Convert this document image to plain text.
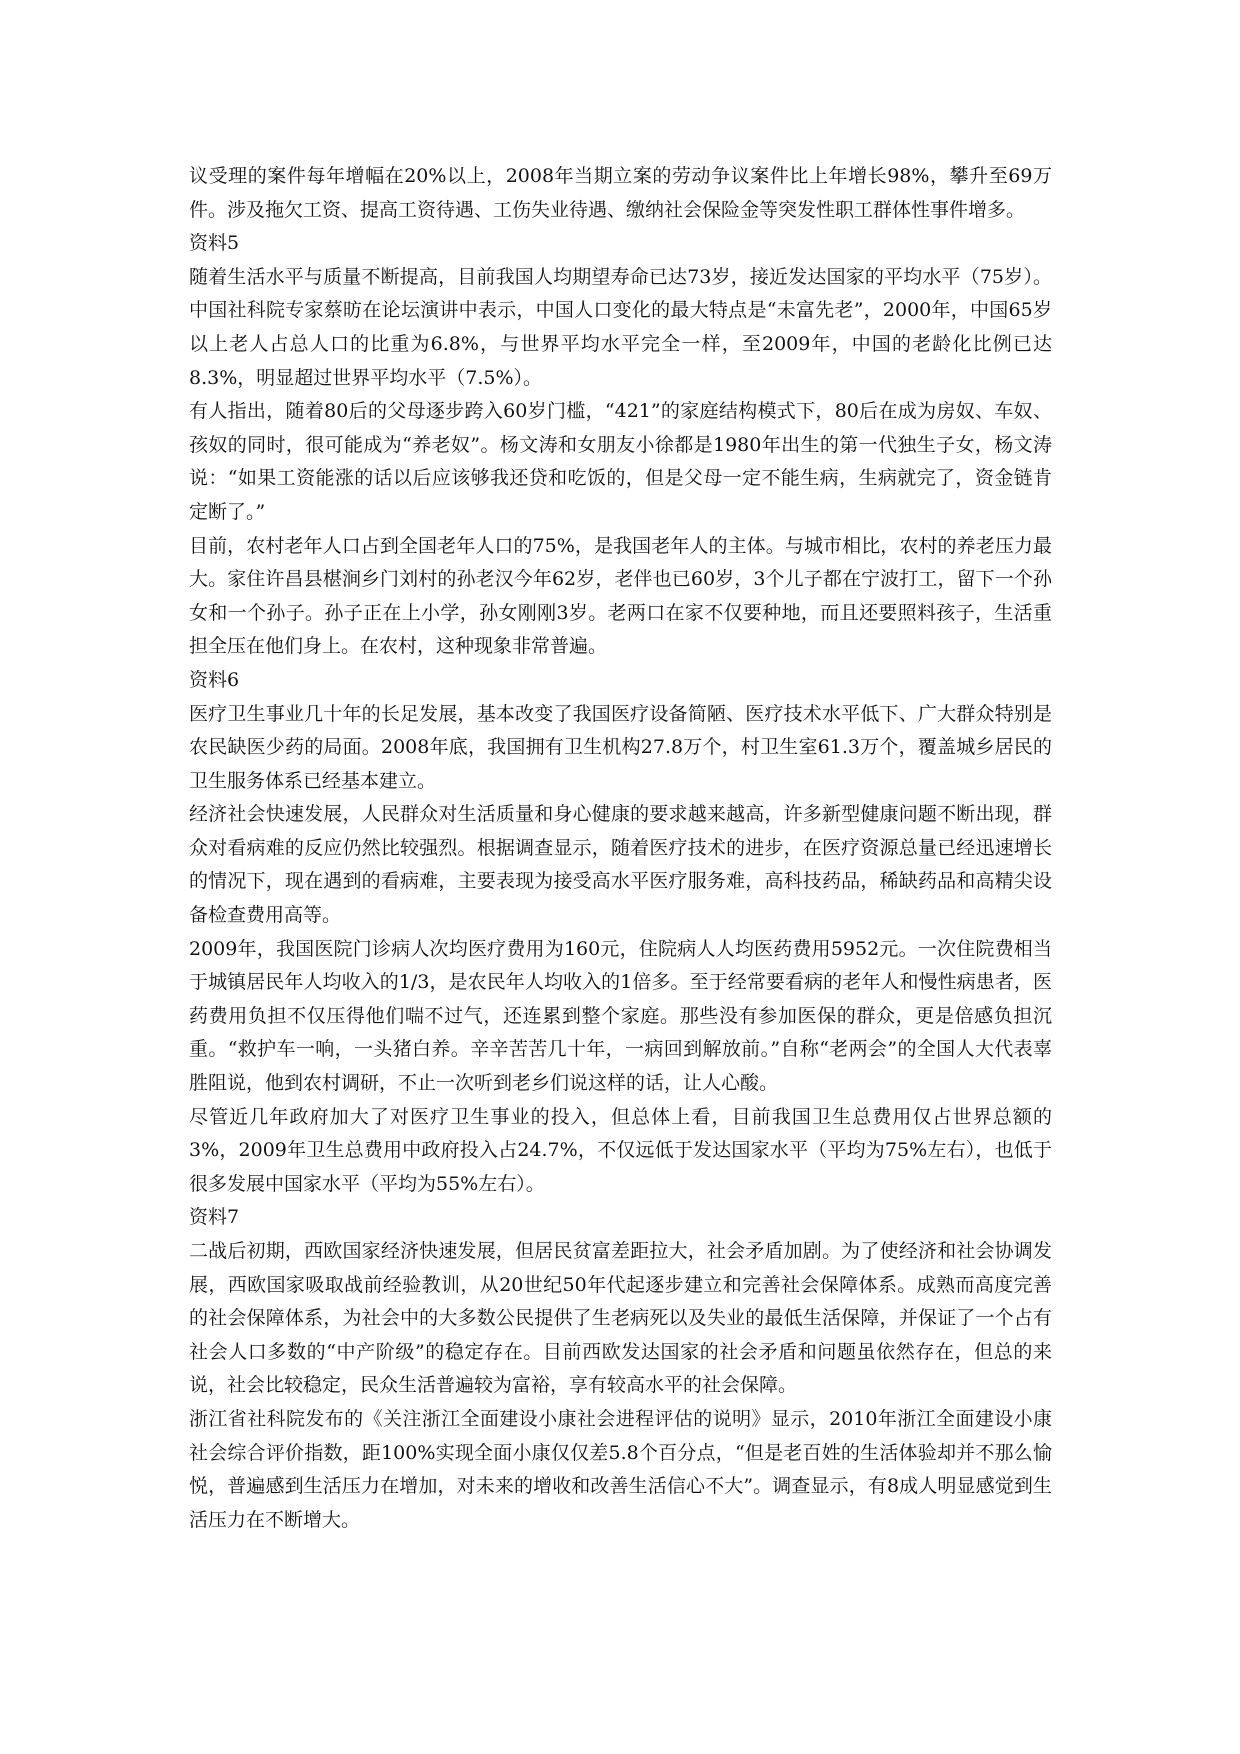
议受理的案件每年增幅在20%以上，2008年当期立案的劳动争议案件比上年增长98%，攀升至69万件。涉及拖欠工资、提高工资待遇、工伤失业待遇、缴纳社会保险金等突发性职工群体性事件增多。

资料5

随着生活水平与质量不断提高，目前我国人均期望寿命已达73岁，接近发达国家的平均水平（75岁）。中国社科院专家蔡昉在论坛演讲中表示，中国人口变化的最大特点是“未富先老”，2000年，中国65岁以上老人占总人口的比重为6.8%，与世界平均水平完全一样，至2009年，中国的老龄化比例已达8.3%，明显超过世界平均水平（7.5%）。

有人指出，随着80后的父母逐步跨入60岁门槛，“421”的家庭结构模式下，80后在成为房奴、车奴、孩奴的同时，很可能成为“养老奴”。杨文涛和女朋友小徐都是1980年出生的第一代独生子女，杨文涛说：“如果工资能涨的话以后应该够我还贷和吃饭的，但是父母一定不能生病，生病就完了，资金链肯定断了。”

目前，农村老年人口占到全国老年人口的75%，是我国老年人的主体。与城市相比，农村的养老压力最大。家住许昌县椹涧乡门刘村的孙老汉今年62岁，老伴也已60岁，3个儿子都在宁波打工，留下一个孙女和一个孙子。孙子正在上小学，孙女刚刚3岁。老两口在家不仅要种地，而且还要照料孩子，生活重担全压在他们身上。在农村，这种现象非常普遍。

资料6

医疗卫生事业几十年的长足发展，基本改变了我国医疗设备简陋、医疗技术水平低下、广大群众特别是农民缺医少药的局面。2008年底，我国拥有卫生机构27.8万个，村卫生室61.3万个，覆盖城乡居民的卫生服务体系已经基本建立。

经济社会快速发展，人民群众对生活质量和身心健康的要求越来越高，许多新型健康问题不断出现，群众对看病难的反应仍然比较强烈。根据调查显示，随着医疗技术的进步，在医疗资源总量已经迅速增长的情况下，现在遇到的看病难，主要表现为接受高水平医疗服务难，高科技药品，稀缺药品和高精尖设备检查费用高等。

2009年，我国医院门诊病人次均医疗费用为160元，住院病人人均医药费用5952元。一次住院费相当于城镇居民年人均收入的1/3，是农民年人均收入的1倍多。至于经常要看病的老年人和慢性病患者，医药费用负担不仅压得他们喘不过气，还连累到整个家庭。那些没有参加医保的群众，更是倍感负担沉重。“救护车一响，一头猪白养。辛辛苦苦几十年，一病回到解放前。”自称“老两会”的全国人大代表辜胜阻说，他到农村调研，不止一次听到老乡们说这样的话，让人心酸。

尽管近几年政府加大了对医疗卫生事业的投入，但总体上看，目前我国卫生总费用仅占世界总额的3%，2009年卫生总费用中政府投入占24.7%，不仅远低于发达国家水平（平均为75%左右），也低于很多发展中国家水平（平均为55%左右）。

资料7

二战后初期，西欧国家经济快速发展，但居民贫富差距拉大，社会矛盾加剧。为了使经济和社会协调发展，西欧国家吸取战前经验教训，从20世纪50年代起逐步建立和完善社会保障体系。成熟而高度完善的社会保障体系，为社会中的大多数公民提供了生老病死以及失业的最低生活保障，并保证了一个占有社会人口多数的“中产阶级”的稳定存在。目前西欧发达国家的社会矛盾和问题虽依然存在，但总的来说，社会比较稳定，民众生活普遍较为富裕，享有较高水平的社会保障。

浙江省社科院发布的《关注浙江全面建设小康社会进程评估的说明》显示，2010年浙江全面建设小康社会综合评价指数，距100%实现全面小康仅仅差5.8个百分点，“但是老百姓的生活体验却并不那么愉悦，普遍感到生活压力在增加，对未来的增收和改善生活信心不大”。调查显示，有8成人明显感觉到生活压力在不断增大。
